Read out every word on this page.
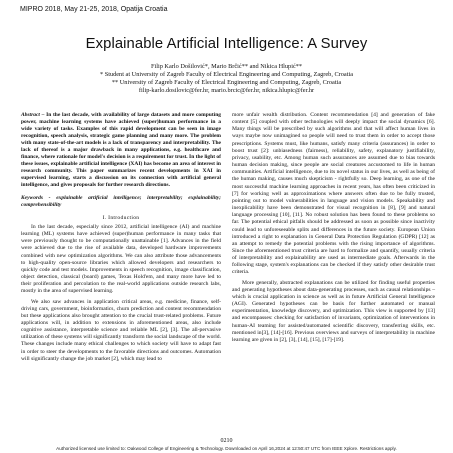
MIPRO 2018, May 21-25, 2018, Opatija Croatia
Explainable Artificial Intelligence: A Survey
Filip Karlo Došilović*, Mario Brčić** and Nikica Hlupić**
* Student at University of Zagreb Faculty of Electrical Engineering and Computing, Zagreb, Croatia
** University of Zagreb Faculty of Electrical Engineering and Computing, Zagreb, Croatia
filip-karlo.dosilovic@fer.hr, mario.brcic@fer.hr, nikica.hlupic@fer.hr
Abstract – In the last decade, with availability of large datasets and more computing power, machine learning systems have achieved (super)human performance in a wide variety of tasks. Examples of this rapid development can be seen in image recognition, speech analysis, strategic game planning and many more. The problem with many state-of-the-art models is a lack of transparency and interpretability. The lack of thereof is a major drawback in many applications, e.g. healthcare and finance, where rationale for model's decision is a requirement for trust. In the light of these issues, explainable artificial intelligence (XAI) has become an area of interest in research community. This paper summarizes recent developments in XAI in supervised learning, starts a discussion on its connection with artificial general intelligence, and gives proposals for further research directions.
Keywords - explainable artificial intelligence; interpretability; explainability; comprehensibility
I. Introduction

In the last decade, especially since 2012, artificial intelligence (AI) and machine learning (ML) systems have achieved (super)human performance in many tasks that were previously thought to be computationally unattainable [1]. Advances in the field were achieved due to the rise of available data, developed hardware improvements combined with new optimization algorithms. We can also attribute those advancements to high-quality open-source libraries which allowed developers and researchers to quickly code and test models. Improvements in speech recognition, image classification, object detection, classical (board) games, Texas Hold'em, and many more have led to their proliferation and percolation to the real-world applications outside research labs, mostly in the area of supervised learning.

We also saw advances in application critical areas, e.g. medicine, finance, self-driving cars, government, bioinformatics, churn prediction and content recommendation but these applications also brought attention to the crucial trust-related problems. Future applications will, in addition to extensions in aforementioned areas, also include cognitive assistance, interpretable science and reliable ML [2], [3]. The all-pervasive utilization of these systems will significantly transform the social landscape of the world. These changes include many ethical challenges to which society will have to adapt fast in order to steer the developments to the favorable directions and outcomes. Automation will significantly change the job market [2], which may lead to

more unfair wealth distribution. Content recommendation [4] and generation of fake content [5] coupled with other technologies will deeply impact the social dynamics [6]. Many things will be prescribed by such algorithms and that will affect human lives in ways maybe now unimagined so people will need to trust them in order to accept those prescriptions. Systems must, like humans, satisfy many criteria (assurances) in order to boost trust [2]: unbiasedness (fairness), reliability, safety, explanatory justifiability, privacy, usability, etc. Among human such assurances are assumed due to bias towards human decision making, since people are social creatures accustomed to life in human communities. Artificial intelligence, due to its novel status in our lives, as well as being of the human making, causes much skepticism - rightfully so. Deep learning, as one of the most successful machine learning approaches in recent years, has often been criticized in [7] for working well as approximations where answers often due to be fully trusted, pointing out to model vulnerabilities in language and vision models. Speakability and inexplicability have been demonstrated for visual recognition in [8], [9] and natural language processing [10], [11]. No robust solution has been found to these problems so far. The potential ethical pitfalls should be addressed as soon as possible since inactivity could lead to unforeseeable splits and differences in the future society. European Union introduced a right to explanation in General Data Protection Regulation (GDPR) [12] as an attempt to remedy the potential problems with the rising importance of algorithms. Since the aforementioned trust criteria are hard to formalize and quantify, usually criteria of interpretability and explainability are used as intermediate goals. Afterwards in the following stage, system's explanations can be checked if they satisfy other desirable trust criteria.

More generally, abstracted explanations can be utilized for finding useful properties and generating hypotheses about data-generating processes, such as causal relationships – which is crucial application in science as well as in future Artificial General Intelligence (AGI). Generated hypotheses can be basis for further automated or manual experimentation, knowledge discovery, and optimization. This view is supported by [13] and encompasses: checking for satisfaction of invariants, optimization of interventions in human-AI teaming for assisted/automated scientific discovery, transferring skills, etc. mentioned in[3], [14]-[16]. Previous overviews and surveys of interpretability in machine learning are given in [2], [3], [14], [15], [17]-[19].

0210
Authorized licensed use limited to: Oakwood College of Engineering & Technology. Downloaded on April 16,2024 at 12:50:47 UTC from IEEE Xplore. Restrictions apply.
